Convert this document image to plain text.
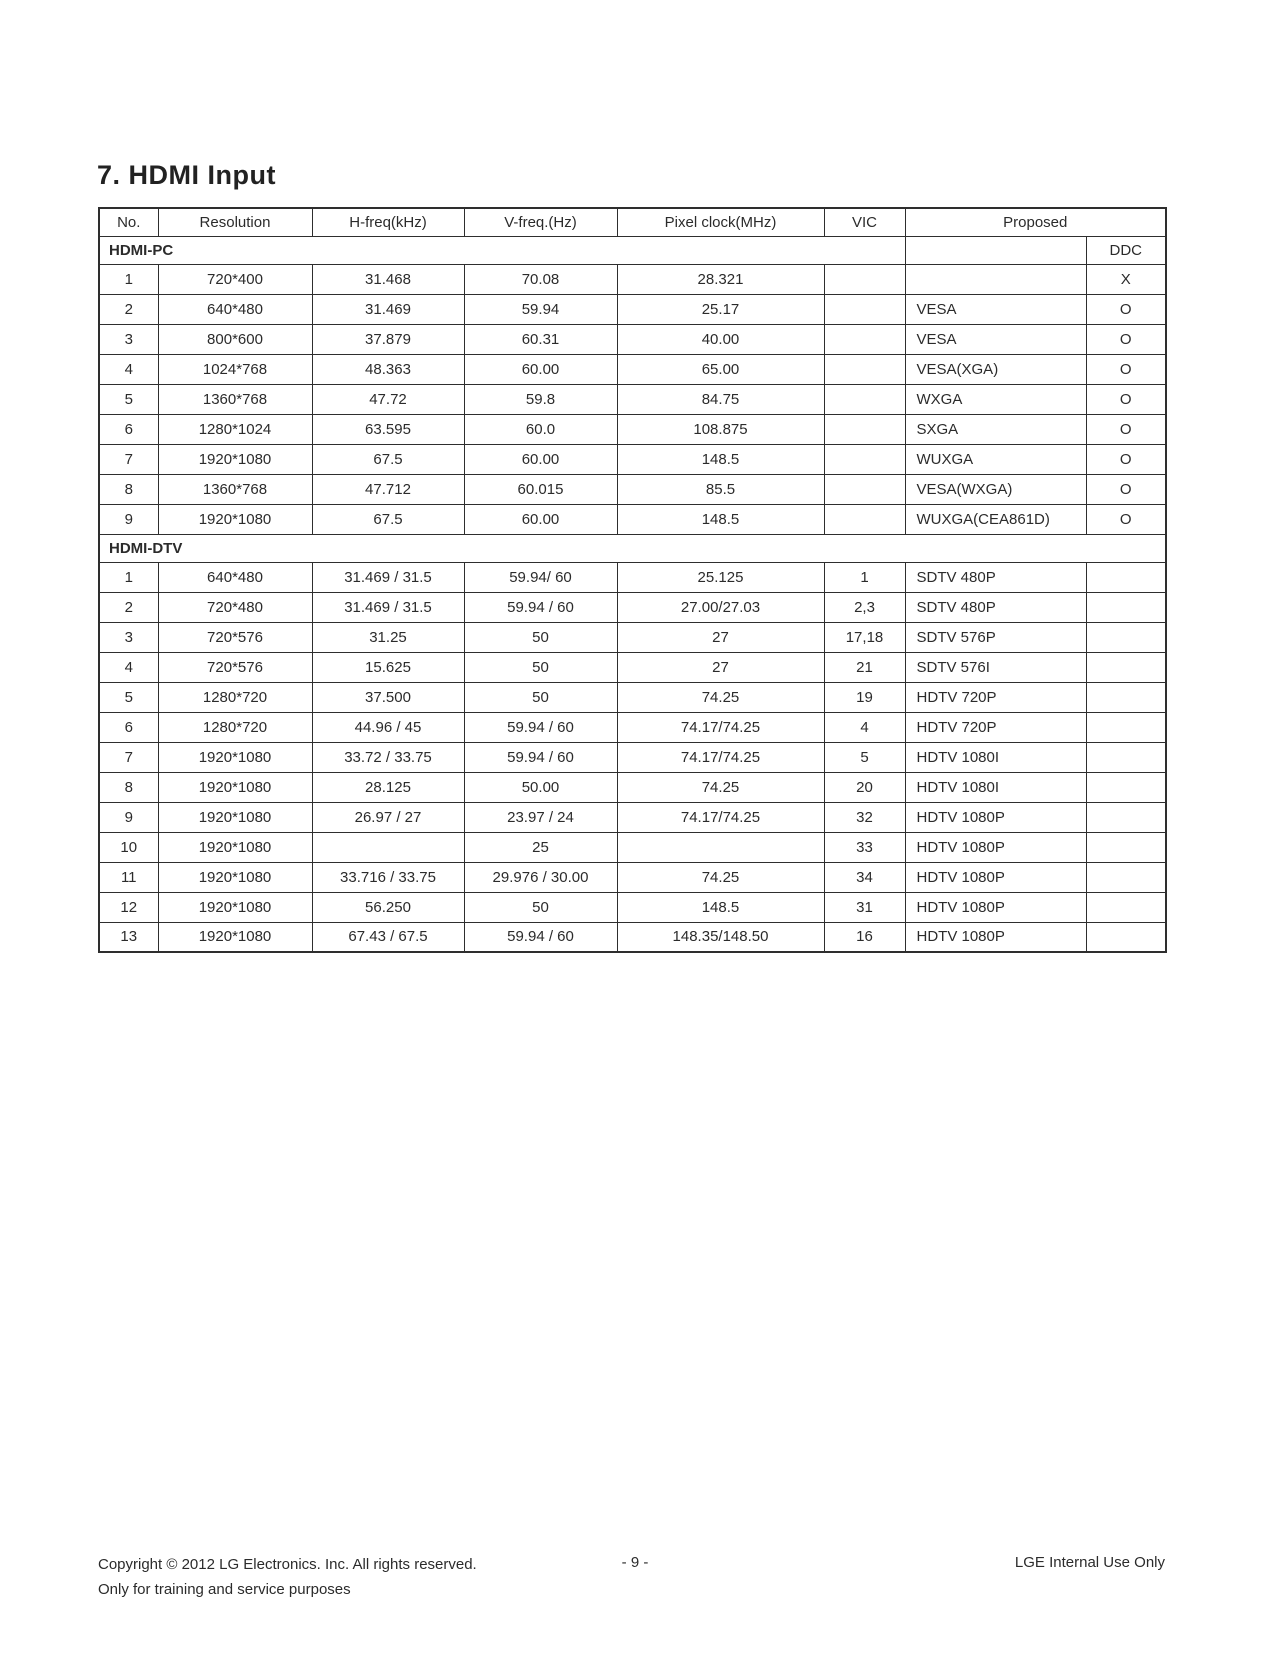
7. HDMI Input
No.	Resolution	H-freq(kHz)	V-freq.(Hz)	Pixel clock(MHz)	VIC	Proposed	
HDMI-PC							DDC
1	720*400	31.468	70.08	28.321			X
2	640*480	31.469	59.94	25.17		VESA	O
3	800*600	37.879	60.31	40.00		VESA	O
4	1024*768	48.363	60.00	65.00		VESA(XGA)	O
5	1360*768	47.72	59.8	84.75		WXGA	O
6	1280*1024	63.595	60.0	108.875		SXGA	O
7	1920*1080	67.5	60.00	148.5		WUXGA	O
8	1360*768	47.712	60.015	85.5		VESA(WXGA)	O
9	1920*1080	67.5	60.00	148.5		WUXGA(CEA861D)	O
HDMI-DTV							
1	640*480	31.469 / 31.5	59.94/ 60	25.125	1	SDTV 480P	
2	720*480	31.469 / 31.5	59.94 / 60	27.00/27.03	2,3	SDTV 480P	
3	720*576	31.25	50	27	17,18	SDTV 576P	
4	720*576	15.625	50	27	21	SDTV 576I	
5	1280*720	37.500	50	74.25	19	HDTV 720P	
6	1280*720	44.96 / 45	59.94 / 60	74.17/74.25	4	HDTV 720P	
7	1920*1080	33.72 / 33.75	59.94 / 60	74.17/74.25	5	HDTV 1080I	
8	1920*1080	28.125	50.00	74.25	20	HDTV 1080I	
9	1920*1080	26.97 / 27	23.97 / 24	74.17/74.25	32	HDTV 1080P	
10	1920*1080		25		33	HDTV 1080P	
11	1920*1080	33.716 / 33.75	29.976 / 30.00	74.25	34	HDTV 1080P	
12	1920*1080	56.250	50	148.5	31	HDTV 1080P	
13	1920*1080	67.43 / 67.5	59.94 / 60	148.35/148.50	16	HDTV 1080P	
Copyright © 2012 LG Electronics. Inc. All rights reserved.
Only for training and service purposes
- 9 -	LGE Internal Use Only
